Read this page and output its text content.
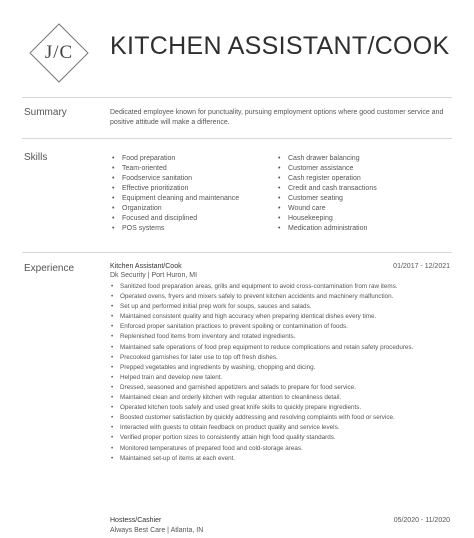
J/C	KITCHEN ASSISTANT/COOK
Summary	Dedicated employee known for punctuality, pursuing employment options where good customer service and positive attitude will make a difference.
Skills
•	Food preparation
• Team-oriented
• Foodservice sanitation
• Effective prioritization
• Equipment cleaning and maintenance
• Organization
• Focused and disciplined
• POS systems
• Cash drawer balancing
• Customer assistance
• Cash register operation
• Credit and cash transactions
• Customer seating
• Wound care
• Housekeeping
• Medication administration
Experience	Kitchen Assistant/Cook	01/2017 - 12/2021
Dk Security | Port Huron, MI
• Sanitized food preparation areas, grills and equipment to avoid cross-contamination from raw items.
• Operated ovens, fryers and mixers safely to prevent kitchen accidents and machinery malfunction.
• Set up and performed initial prep work for soups, sauces and salads.
• Maintained consistent quality and high accuracy when preparing identical dishes every time.
• Enforced proper sanitation practices to prevent spoiling or contamination of foods.
• Replenished food items from inventory and rotated ingredients.
• Maintained safe operations of food prep equipment to reduce complications and retain safety procedures.
• Precooked garnishes for later use to top off fresh dishes.
• Prepped vegetables and ingredients by washing, chopping and dicing.
• Helped train and develop new talent.
• Dressed, seasoned and garnished appetizers and salads to prepare for food service.
• Maintained clean and orderly kitchen with regular attention to cleanliness detail.
• Operated kitchen tools safely and used great knife skills to quickly prepare ingredients.
• Boosted customer satisfaction by quickly addressing and resolving complaints with food or service.
• Interacted with guests to obtain feedback on product quality and service levels.
• Verified proper portion sizes to consistently attain high food quality standards.
• Monitored temperatures of prepared food and cold-storage areas.
• Maintained set-up of items at each event.
Hostess/Cashier	05/2020 - 11/2020
Always Best Care | Atlanta, IN
